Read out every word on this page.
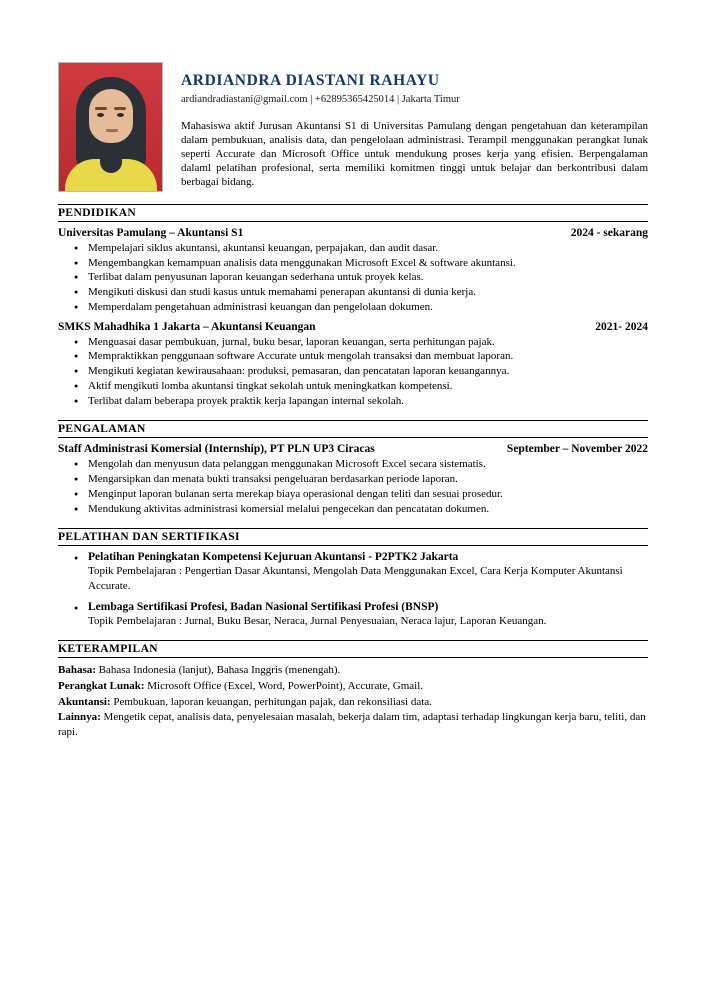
ARDIANDRA DIASTANI RAHAYU
ardiandradiastani@gmail.com | +62895365425014 | Jakarta Timur

Mahasiswa aktif Jurusan Akuntansi S1 di Universitas Pamulang dengan pengetahuan dan keterampilan dalam pembukuan, analisis data, dan pengelolaan administrasi. Terampil menggunakan perangkat lunak seperti Accurate dan Microsoft Office untuk mendukung proses kerja yang efisien. Berpengalaman dalaml pelatihan profesional, serta memiliki komitmen tinggi untuk belajar dan berkontribusi dalam berbagai bidang.

PENDIDIKAN
Universitas Pamulang – Akuntansi S1	2024 - sekarang
● Mempelajari siklus akuntansi, akuntansi keuangan, perpajakan, dan audit dasar.
● Mengembangkan kemampuan analisis data menggunakan Microsoft Excel & software akuntansi.
● Terlibat dalam penyusunan laporan keuangan sederhana untuk proyek kelas.
● Mengikuti diskusi dan studi kasus untuk memahami penerapan akuntansi di dunia kerja.
● Memperdalam pengetahuan administrasi keuangan dan pengelolaan dokumen.
SMKS Mahadhika 1 Jakarta – Akuntansi Keuangan	2021- 2024
● Menguasai dasar pembukuan, jurnal, buku besar, laporan keuangan, serta perhitungan pajak.
● Mempraktikkan penggunaan software Accurate untuk mengolah transaksi dan membuat laporan.
● Mengikuti kegiatan kewirausahaan: produksi, pemasaran, dan pencatatan laporan keuangannya.
● Aktif mengikuti lomba akuntansi tingkat sekolah untuk meningkatkan kompetensi.
● Terlibat dalam beberapa proyek praktik kerja lapangan internal sekolah.
PENGALAMAN
Staff Administrasi Komersial (Internship), PT PLN UP3 Ciracas	September – November 2022
● Mengolah dan menyusun data pelanggan menggunakan Microsoft Excel secara sistematis.
● Mengarsipkan dan menata bukti transaksi pengeluaran berdasarkan periode laporan.
● Menginput laporan bulanan serta merekap biaya operasional dengan teliti dan sesuai prosedur.
● Mendukung aktivitas administrasi komersial melalui pengecekan dan pencatatan dokumen.
PELATIHAN DAN SERTIFIKASI
● Pelatihan Peningkatan Kompetensi Kejuruan Akuntansi - P2PTK2 Jakarta
Topik Pembelajaran : Pengertian Dasar Akuntansi, Mengolah Data Menggunakan Excel, Cara Kerja Komputer Akuntansi Accurate.
● Lembaga Sertifikasi Profesi, Badan Nasional Sertifikasi Profesi (BNSP)
Topik Pembelajaran : Jurnal, Buku Besar, Neraca, Jurnal Penyesuaian, Neraca lajur, Laporan Keuangan.
KETERAMPILAN

Bahasa: Bahasa Indonesia (lanjut), Bahasa Inggris (menengah).

Perangkat Lunak: Microsoft Office (Excel, Word, PowerPoint), Accurate, Gmail.

Akuntansi: Pembukuan, laporan keuangan, perhitungan pajak, dan rekonsiliasi data.

Lainnya: Mengetik cepat, analisis data, penyelesaian masalah, bekerja dalam tim, adaptasi terhadap lingkungan kerja baru, teliti, dan rapi.
